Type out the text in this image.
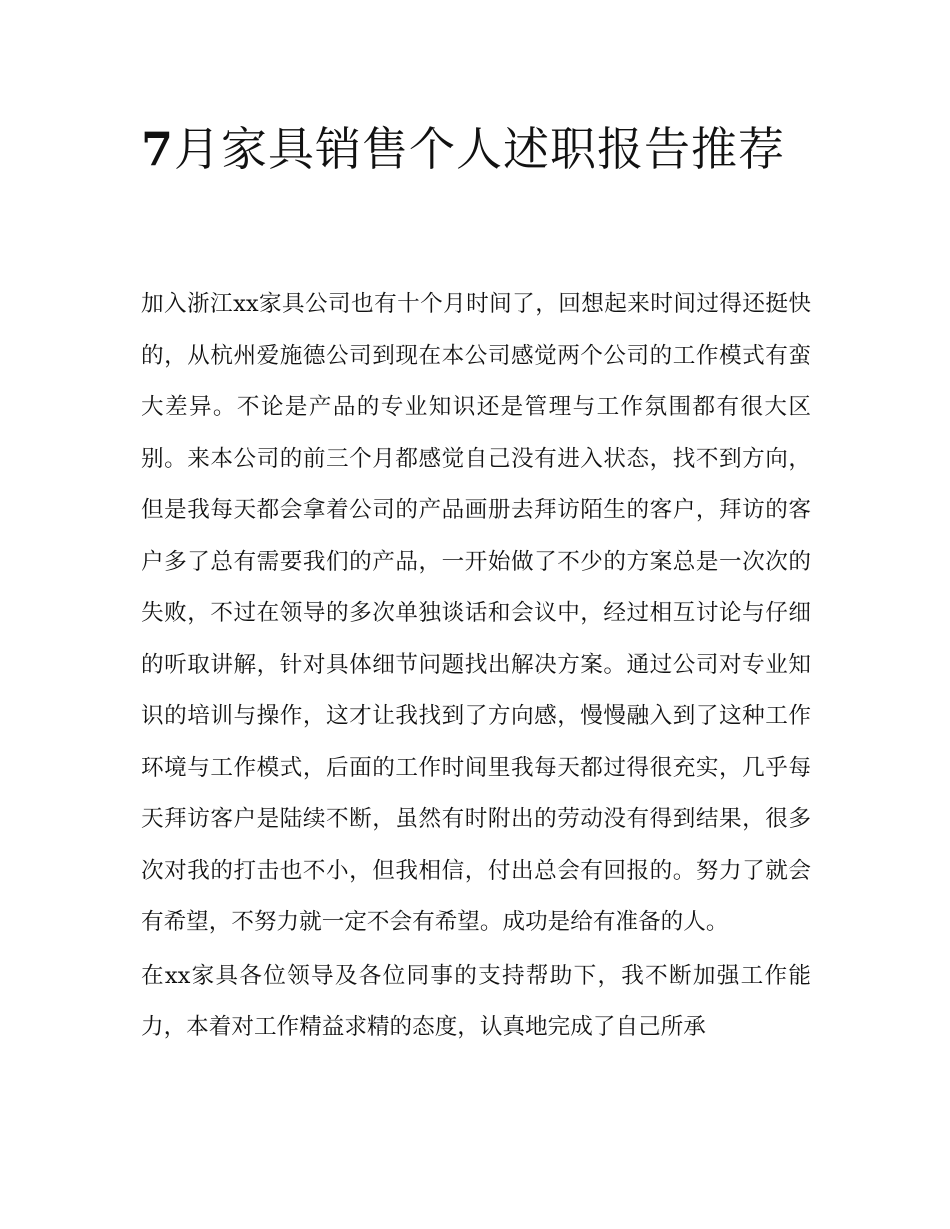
7月家具销售个人述职报告推荐

加入浙江xx家具公司也有十个月时间了，回想起来时间过得还挺快的，从杭州爱施德公司到现在本公司感觉两个公司的工作模式有蛮大差异。不论是产品的专业知识还是管理与工作氛围都有很大区别。来本公司的前三个月都感觉自己没有进入状态，找不到方向，但是我每天都会拿着公司的产品画册去拜访陌生的客户，拜访的客户多了总有需要我们的产品，一开始做了不少的方案总是一次次的失败，不过在领导的多次单独谈话和会议中，经过相互讨论与仔细的听取讲解，针对具体细节问题找出解决方案。通过公司对专业知识的培训与操作，这才让我找到了方向感，慢慢融入到了这种工作环境与工作模式，后面的工作时间里我每天都过得很充实，几乎每天拜访客户是陆续不断，虽然有时附出的劳动没有得到结果，很多次对我的打击也不小，但我相信，付出总会有回报的。努力了就会有希望，不努力就一定不会有希望。成功是给有准备的人。

在xx家具各位领导及各位同事的支持帮助下，我不断加强工作能力，本着对工作精益求精的态度，认真地完成了自己所承
